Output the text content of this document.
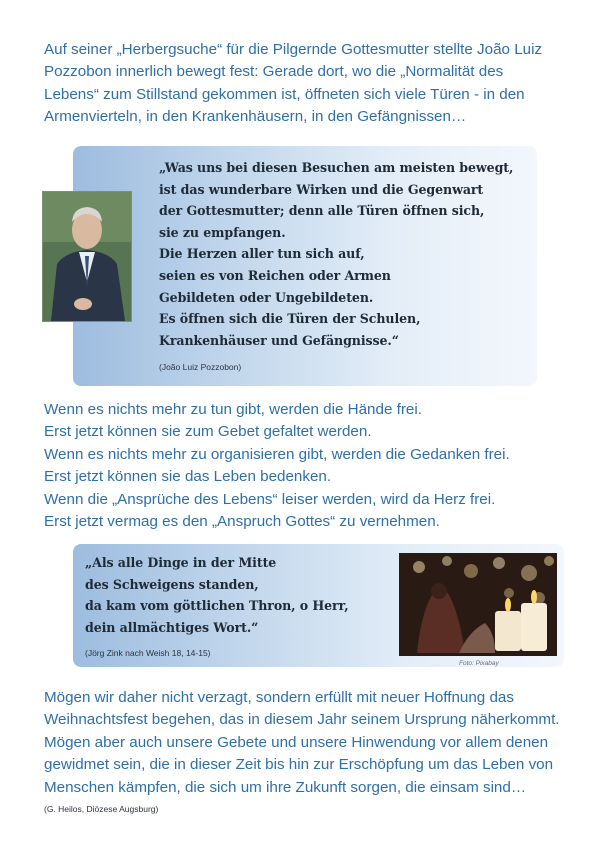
Auf seiner „Herbergsuche“ für die Pilgernde Gottesmutter stellte João Luiz
Pozzobon innerlich bewegt fest: Gerade dort, wo die „Normalität des
Lebens“ zum Stillstand gekommen ist, öffneten sich viele Türen - in den
Armenvierteln, in den Krankenhäusern, in den Gefängnissen…
„Was uns bei diesen Besuchen am meisten bewegt,
ist das wunderbare Wirken und die Gegenwart
der Gottesmutter; denn alle Türen öffnen sich,
sie zu empfangen.
Die Herzen aller tun sich auf,
seien es von Reichen oder Armen
Gebildeten oder Ungebildeten.
Es öffnen sich die Türen der Schulen,
Krankenhäuser und Gefängnisse.“
(João Luiz Pozzobon)
Wenn es nichts mehr zu tun gibt, werden die Hände frei.
Erst jetzt können sie zum Gebet gefaltet werden.
Wenn es nichts mehr zu organisieren gibt, werden die Gedanken frei.
Erst jetzt können sie das Leben bedenken.
Wenn die „Ansprüche des Lebens“ leiser werden, wird da Herz frei.
Erst jetzt vermag es den „Anspruch Gottes“ zu vernehmen.
„Als alle Dinge in der Mitte
des Schweigens standen,
da kam vom göttlichen Thron, o Herr,
dein allmächtiges Wort.“
(Jörg Zink nach Weish 18, 14-15)
Foto: Pixabay
Mögen wir daher nicht verzagt, sondern erfüllt mit neuer Hoffnung das
Weihnachtsfest begehen, das in diesem Jahr seinem Ursprung näherkommt.
Mögen aber auch unsere Gebete und unsere Hinwendung vor allem denen
gewidmet sein, die in dieser Zeit bis hin zur Erschöpfung um das Leben von
Menschen kämpfen, die sich um ihre Zukunft sorgen, die einsam sind…
(G. Heilos, Diözese Augsburg)
